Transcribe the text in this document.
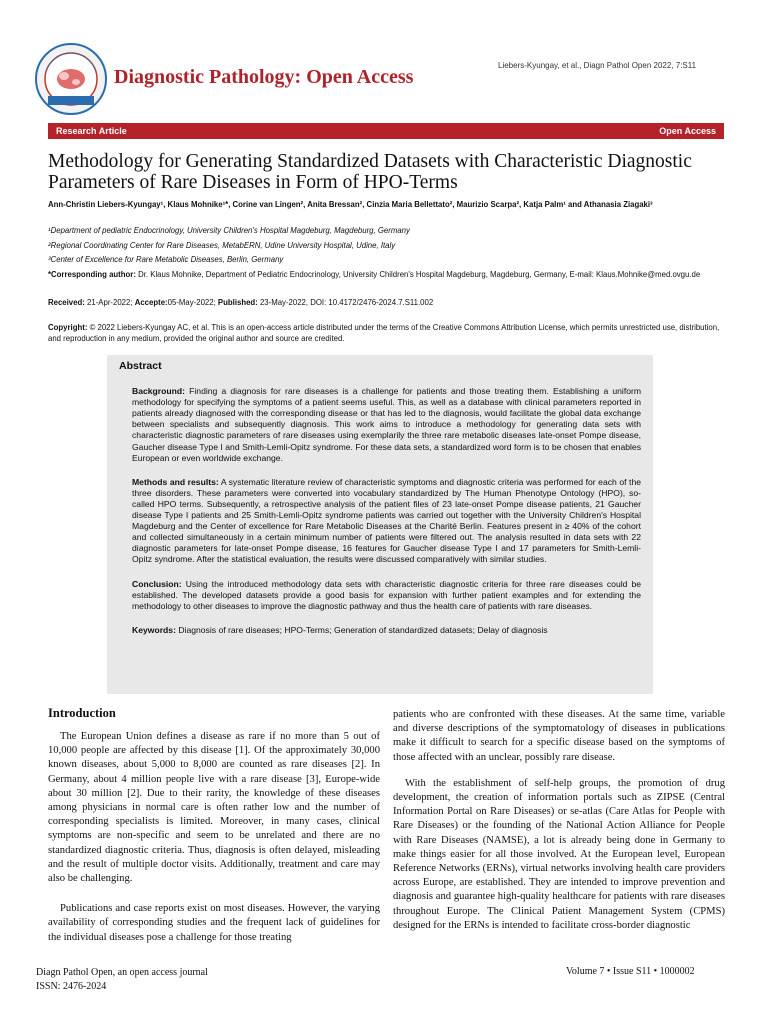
Diagnostic Pathology: Open Access
Liebers-Kyungay, et al., Diagn Pathol Open 2022, 7:S11
Research Article	Open Access
Methodology for Generating Standardized Datasets with Characteristic Diagnostic Parameters of Rare Diseases in Form of HPO-Terms
Ann-Christin Liebers-Kyungay¹, Klaus Mohnike¹*, Corine van Lingen², Anita Bressan², Cinzia Maria Bellettato², Maurizio Scarpa², Katja Palm¹ and Athanasia Ziagaki³
¹Department of pediatric Endocrinology, University Children's Hospital Magdeburg, Magdeburg, Germany
²Regional Coordinating Center for Rare Diseases, MetabERN, Udine University Hospital, Udine, Italy
³Center of Excellence for Rare Metabolic Diseases, Berlin, Germany
*Corresponding author: Dr. Klaus Mohnike, Department of Pediatric Endocrinology, University Children's Hospital Magdeburg, Magdeburg, Germany, E-mail: Klaus.Mohnike@med.ovgu.de
Received: 21-Apr-2022; Accepte:05-May-2022; Published: 23-May-2022, DOI: 10.4172/2476-2024.7.S11.002
Copyright: © 2022 Liebers-Kyungay AC, et al. This is an open-access article distributed under the terms of the Creative Commons Attribution License, which permits unrestricted use, distribution, and reproduction in any medium, provided the original author and source are credited.
Abstract

Background: Finding a diagnosis for rare diseases is a challenge for patients and those treating them. Establishing a uniform methodology for specifying the symptoms of a patient seems useful. This, as well as a database with clinical parameters reported in patients already diagnosed with the corresponding disease or that has led to the diagnosis, would facilitate the global data exchange between specialists and subsequently diagnosis. This work aims to introduce a methodology for generating data sets with characteristic diagnostic parameters of rare diseases using exemplarily the three rare metabolic diseases late-onset Pompe disease, Gaucher disease Type I and Smith-Lemli-Opitz syndrome. For these data sets, a standardized word form is to be chosen that enables European or even worldwide exchange.

Methods and results: A systematic literature review of characteristic symptoms and diagnostic criteria was performed for each of the three disorders. These parameters were converted into vocabulary standardized by The Human Phenotype Ontology (HPO), so-called HPO terms. Subsequently, a retrospective analysis of the patient files of 23 late-onset Pompe disease patients, 21 Gaucher disease Type I patients and 25 Smith-Lemli-Opitz syndrome patients was carried out together with the University Children's Hospital Magdeburg and the Center of excellence for Rare Metabolic Diseases at the Charité Berlin. Features present in ≥ 40% of the cohort and collected simultaneously in a certain minimum number of patients were filtered out. The analysis resulted in data sets with 22 diagnostic parameters for late-onset Pompe disease, 16 features for Gaucher disease Type I and 17 parameters for Smith-Lemli-Opitz syndrome. After the statistical evaluation, the results were discussed comparatively with similar studies.

Conclusion: Using the introduced methodology data sets with characteristic diagnostic criteria for three rare diseases could be established. The developed datasets provide a good basis for expansion with further patient examples and for extending the methodology to other diseases to improve the diagnostic pathway and thus the health care of patients with rare diseases.

Keywords: Diagnosis of rare diseases; HPO-Terms; Generation of standardized datasets; Delay of diagnosis

Introduction

The European Union defines a disease as rare if no more than 5 out of 10,000 people are affected by this disease [1]. Of the approximately 30,000 known diseases, about 5,000 to 8,000 are counted as rare diseases [2]. In Germany, about 4 million people live with a rare disease [3], Europe-wide about 30 million [2]. Due to their rarity, the knowledge of these diseases among physicians in normal care is often rather low and the number of corresponding specialists is limited. Moreover, in many cases, clinical symptoms are non-specific and seem to be unrelated and there are no standardized diagnostic criteria. Thus, diagnosis is often delayed, misleading and the result of multiple doctor visits. Additionally, treatment and care may also be challenging.

Publications and case reports exist on most diseases. However, the varying availability of corresponding studies and the frequent lack of guidelines for the individual diseases pose a challenge for those treating

patients who are confronted with these diseases. At the same time, variable and diverse descriptions of the symptomatology of diseases in publications make it difficult to search for a specific disease based on the symptoms of those affected with an unclear, possibly rare disease.

With the establishment of self-help groups, the promotion of drug development, the creation of information portals such as ZIPSE (Central Information Portal on Rare Diseases) or se-atlas (Care Atlas for People with Rare Diseases) or the founding of the National Action Alliance for People with Rare Diseases (NAMSE), a lot is already being done in Germany to make things easier for all those involved. At the European level, European Reference Networks (ERNs), virtual networks involving health care providers across Europe, are established. They are intended to improve prevention and diagnosis and guarantee high-quality healthcare for patients with rare diseases throughout Europe. The Clinical Patient Management System (CPMS) designed for the ERNs is intended to facilitate cross-border diagnostic

Diagn Pathol Open, an open access journal
ISSN: 2476-2024
Volume 7 • Issue S11 • 1000002
